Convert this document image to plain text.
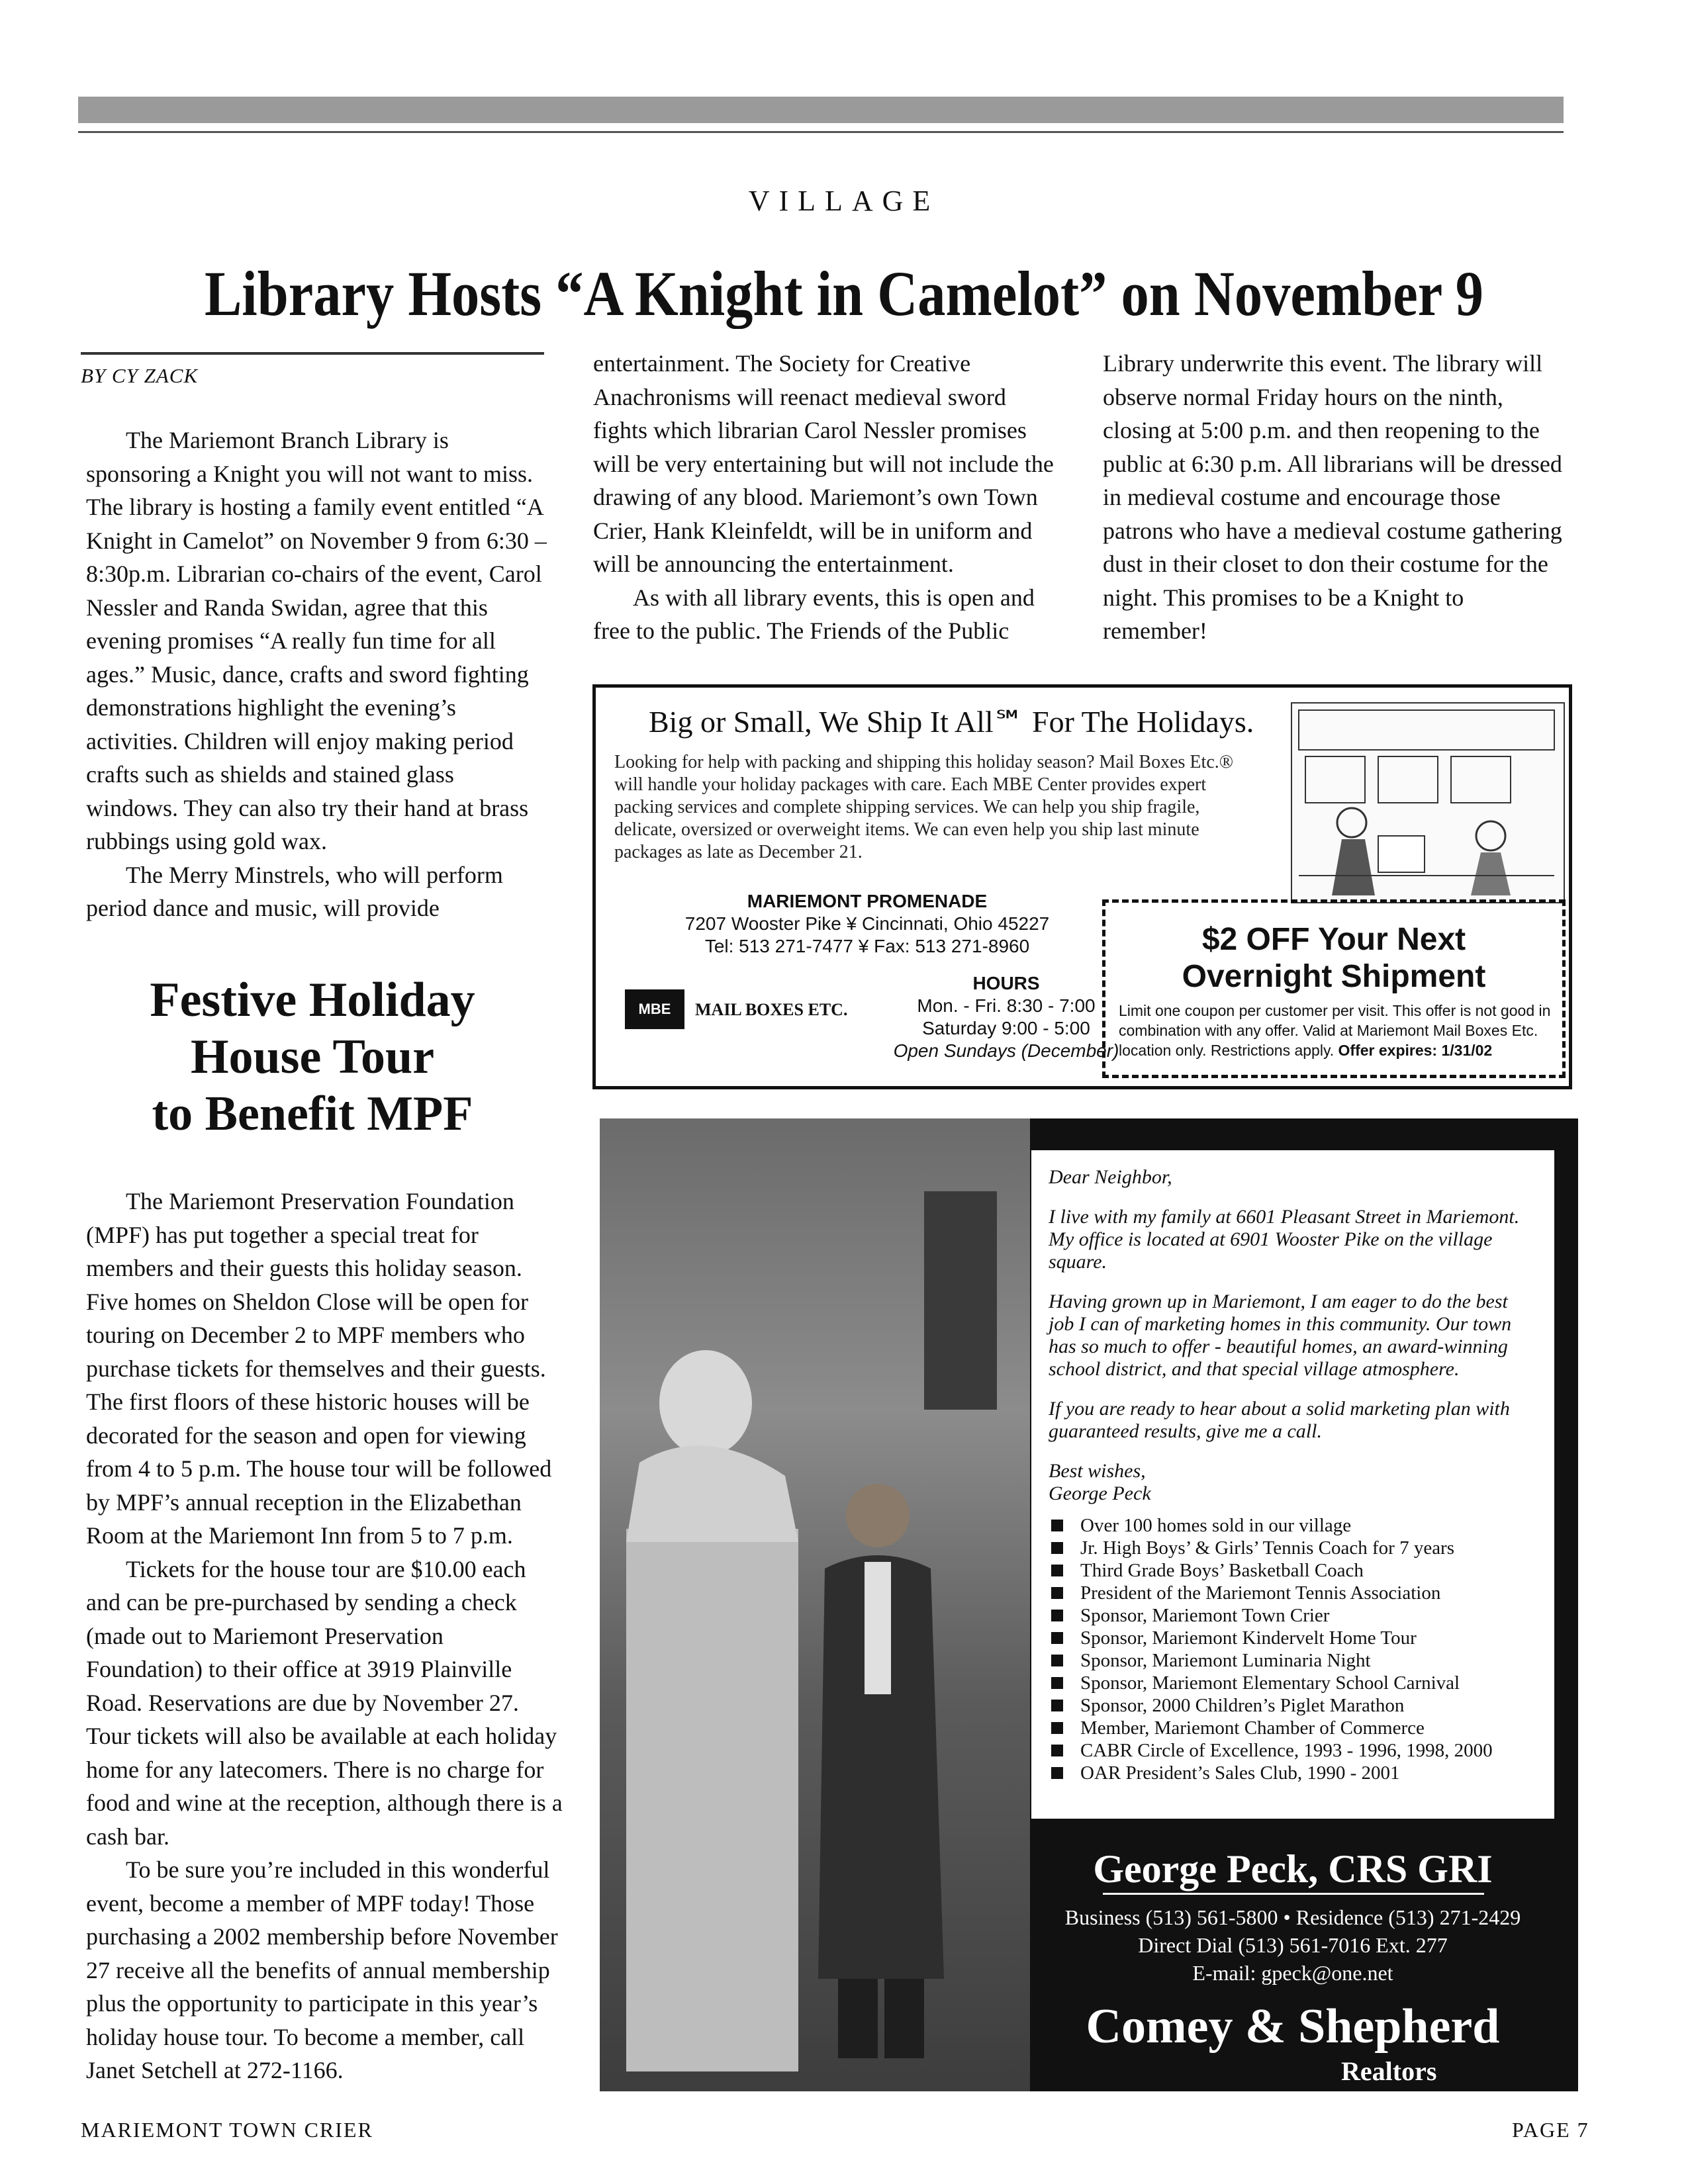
VILLAGE
Library Hosts “A Knight in Camelot” on November 9
BY CY ZACK

The Mariemont Branch Library is sponsoring a Knight you will not want to miss. The library is hosting a family event entitled “A Knight in Camelot” on November 9 from 6:30 – 8:30p.m. Librarian co-chairs of the event, Carol Nessler and Randa Swidan, agree that this evening promises “A really fun time for all ages.” Music, dance, crafts and sword fighting demonstrations highlight the evening’s activities. Children will enjoy making period crafts such as shields and stained glass windows. They can also try their hand at brass rubbings using gold wax.

The Merry Minstrels, who will perform period dance and music, will provide

entertainment. The Society for Creative Anachronisms will reenact medieval sword fights which librarian Carol Nessler promises will be very entertaining but will not include the drawing of any blood. Mariemont’s own Town Crier, Hank Kleinfeldt, will be in uniform and will be announcing the entertainment.

As with all library events, this is open and free to the public. The Friends of the Public

Library underwrite this event. The library will observe normal Friday hours on the ninth, closing at 5:00 p.m. and then reopening to the public at 6:30 p.m. All librarians will be dressed in medieval costume and encourage those patrons who have a medieval costume gathering dust in their closet to don their costume for the night. This promises to be a Knight to remember!

Festive Holiday
House Tour
to Benefit MPF

The Mariemont Preservation Foundation (MPF) has put together a special treat for members and their guests this holiday season. Five homes on Sheldon Close will be open for touring on December 2 to MPF members who purchase tickets for themselves and their guests. The first floors of these historic houses will be decorated for the season and open for viewing from 4 to 5 p.m. The house tour will be followed by MPF’s annual reception in the Elizabethan Room at the Mariemont Inn from 5 to 7 p.m.

Tickets for the house tour are $10.00 each and can be pre-purchased by sending a check (made out to Mariemont Preservation Foundation) to their office at 3919 Plainville Road. Reservations are due by November 27. Tour tickets will also be available at each holiday home for any latecomers. There is no charge for food and wine at the reception, although there is a cash bar.

To be sure you’re included in this wonderful event, become a member of MPF today! Those purchasing a 2002 membership before November 27 receive all the benefits of annual membership plus the opportunity to participate in this year’s holiday house tour. To become a member, call Janet Setchell at 272-1166.

Big or Small, We Ship It All℠ For The Holidays.
Looking for help with packing and shipping this holiday season? Mail Boxes Etc.® will handle your holiday packages with care. Each MBE Center provides expert packing services and complete shipping services. We can help you ship fragile, delicate, oversized or overweight items. We can even help you ship last minute packages as late as December 21.
MARIEMONT PROMENADE
7207 Wooster Pike ¥ Cincinnati, Ohio 45227
Tel: 513 271-7477 ¥ Fax: 513 271-8960
MBE	MAIL BOXES ETC.
HOURS
Mon. - Fri. 8:30 - 7:00
Saturday 9:00 - 5:00
Open Sundays (December)
$2 OFF Your Next
Overnight Shipment
Limit one coupon per customer per visit. This offer is not good in combination with any offer. Valid at Mariemont Mail Boxes Etc. location only. Restrictions apply. Offer expires: 1/31/02

Dear Neighbor,

I live with my family at 6601 Pleasant Street in Mariemont. My office is located at 6901 Wooster Pike on the village square.

Having grown up in Mariemont, I am eager to do the best job I can of marketing homes in this community. Our town has so much to offer - beautiful homes, an award-winning school district, and that special village atmosphere.

If you are ready to hear about a solid marketing plan with guaranteed results, give me a call.

Best wishes,
George Peck

Over 100 homes sold in our village
Jr. High Boys’ & Girls’ Tennis Coach for 7 years
Third Grade Boys’ Basketball Coach
President of the Mariemont Tennis Association
Sponsor, Mariemont Town Crier
Sponsor, Mariemont Kindervelt Home Tour
Sponsor, Mariemont Luminaria Night
Sponsor, Mariemont Elementary School Carnival
Sponsor, 2000 Children’s Piglet Marathon
Member, Mariemont Chamber of Commerce
CABR Circle of Excellence, 1993 - 1996, 1998, 2000
OAR President’s Sales Club, 1990 - 2001
George Peck, CRS GRI
Business (513) 561-5800 • Residence (513) 271-2429
Direct Dial (513) 561-7016 Ext. 277
E-mail: gpeck@one.net
Comey & Shepherd
Realtors
MARIEMONT TOWN CRIER	PAGE 7
